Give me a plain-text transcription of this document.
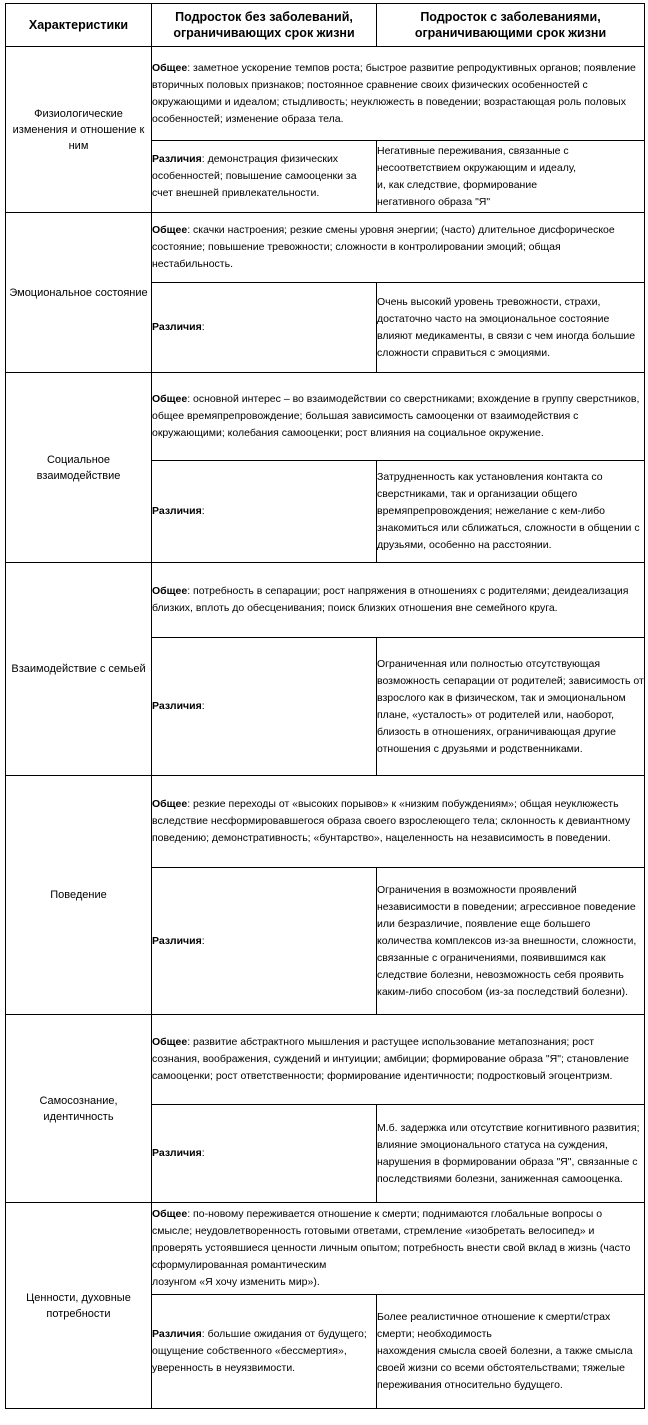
Характеристики	Подросток без заболеваний, ограничивающих срок жизни	Подросток с заболеваниями, ограничивающими срок жизни
Физиологические изменения и отношение к ним	Общее: заметное ускорение темпов роста; быстрое развитие репродуктивных органов; появление вторичных половых признаков; постоянное сравнение своих физических особенностей с окружающими и идеалом; стыдливость; неуклюжесть в поведении; возрастающая роль половых особенностей; изменение образа тела.	
	Различия: демонстрация физических особенностей; повышение самооценки за счет внешней привлекательности.	Негативные переживания, связанные с несоответствием окружающим и идеалу,
и, как следствие, формирование
негативного образа "Я"
Эмоциональное состояние	Общее: скачки настроения; резкие смены уровня энергии; (часто) длительное дисфорическое состояние; повышение тревожности; сложности в контролировании эмоций; общая нестабильность.	
	Различия:	Очень высокий уровень тревожности, страхи, достаточно часто на эмоциональное состояние влияют медикаменты, в связи с чем иногда большие сложности справиться с эмоциями.
Социальное взаимодействие	Общее: основной интерес – во взаимодействии со сверстниками; вхождение в группу сверстников, общее времяпрепровождение; большая зависимость самооценки от взаимодействия с окружающими; колебания самооценки; рост влияния на социальное окружение.	
	Различия:	Затрудненность как установления контакта со сверстниками, так и организации общего времяпрепровождения; нежелание с кем-либо знакомиться или сближаться, сложности в общении с друзьями, особенно на расстоянии.
Взаимодействие с семьей	Общее: потребность в сепарации; рост напряжения в отношениях с родителями; деидеализация близких, вплоть до обесценивания; поиск близких отношения вне семейного круга.	
	Различия:	Ограниченная или полностью отсутствующая возможность сепарации от родителей; зависимость от взрослого как в физическом, так и эмоциональном плане, «усталость» от родителей или, наоборот, близость в отношениях, ограничивающая другие отношения с друзьями и родственниками.
Поведение	Общее: резкие переходы от «высоких порывов» к «низким побуждениям»; общая неуклюжесть вследствие несформировавшегося образа своего взрослеющего тела; склонность к девиантному поведению; демонстративность; «бунтарство», нацеленность на независимость в поведении.	
	Различия:	Ограничения в возможности проявлений независимости в поведении; агрессивное поведение или безразличие, появление еще большего количества комплексов из-за внешности, сложности, связанные с ограничениями, появившимся как следствие болезни, невозможность себя проявить каким-либо способом (из-за последствий болезни).
Самосознание, идентичность	Общее: развитие абстрактного мышления и растущее использование метапознания; рост сознания, воображения, суждений и интуиции; амбиции; формирование образа "Я"; становление самооценки; рост ответственности; формирование идентичности; подростковый эгоцентризм.	
	Различия:	М.б. задержка или отсутствие когнитивного развития; влияние эмоционального статуса на суждения, нарушения в формировании образа "Я", связанные с последствиями болезни, заниженная самооценка.
Ценности, духовные потребности	Общее: по-новому переживается отношение к смерти; поднимаются глобальные вопросы о смысле; неудовлетворенность готовыми ответами, стремление «изобретать велосипед» и проверять устоявшиеся ценности личным опытом; потребность внести свой вклад в жизнь (часто сформулированная романтическим
лозунгом «Я хочу изменить мир»).	
	Различия: большие ожидания от будущего; ощущение собственного «бессмертия», уверенность в неуязвимости.	Более реалистичное отношение к смерти/страх смерти; необходимость
нахождения смысла своей болезни, а также смысла своей жизни со всеми обстоятельствами; тяжелые переживания относительно будущего.
